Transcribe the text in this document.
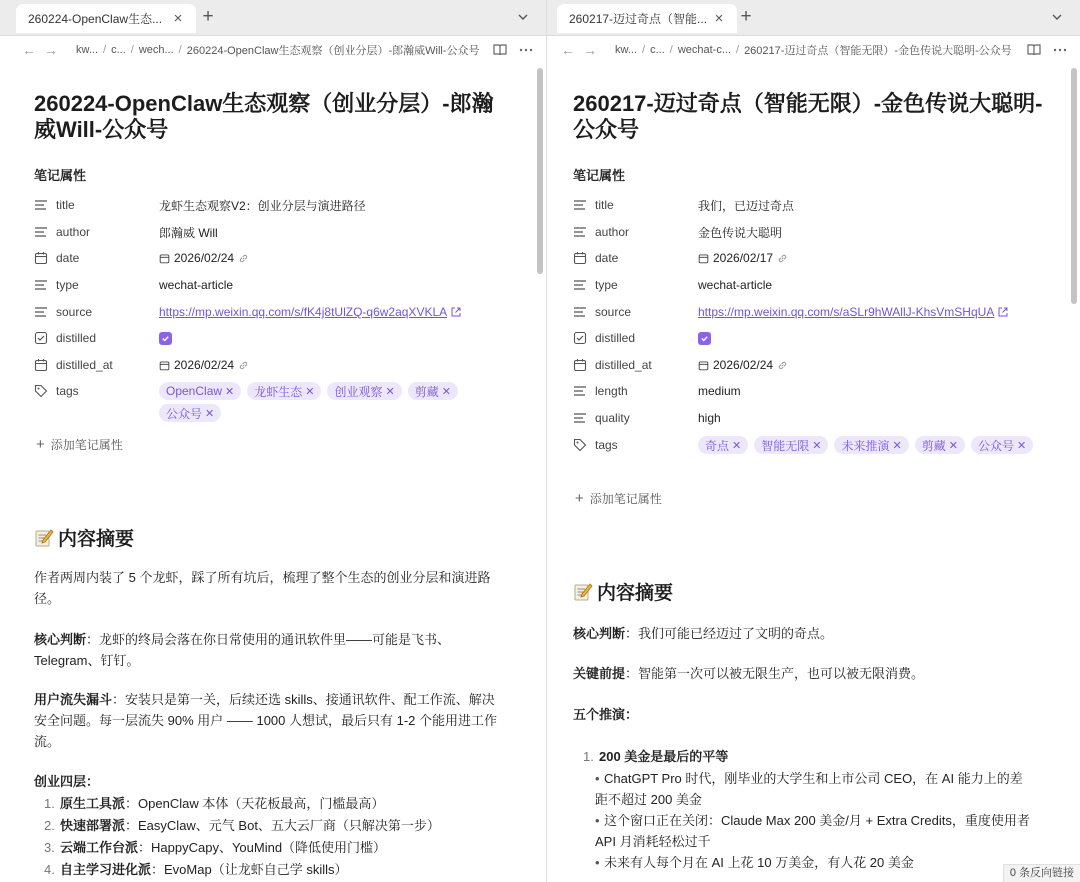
260224-OpenClaw生态... × +
← →	kw... / c... / wech... / 260224-OpenClaw生态观察（创业分层）-郎瀚威Will-公众号
260224-OpenClaw生态观察（创业分层）-郎瀚威Will-公众号
笔记属性
title	龙虾生态观察V2：创业分层与演进路径
author	郎瀚威 Will
date	2026/02/24
type	wechat-article
source	https://mp.weixin.qq.com/s/fK4j8tUlZQ-q6w2aqXVKLA
distilled
distilled_at	2026/02/24
tags	OpenClaw ✕ 龙虾生态 ✕ 创业观察 ✕ 剪藏 ✕
公众号 ✕
+ 添加笔记属性
内容摘要
作者两周内装了 5 个龙虾，踩了所有坑后，梳理了整个生态的创业分层和演进路径。
核心判断：龙虾的终局会落在你日常使用的通讯软件里——可能是飞书、Telegram、钉钉。
用户流失漏斗：安装只是第一关，后续还选 skills、接通讯软件、配工作流、解决安全问题。每一层流失 90% 用户 —— 1000 人想试，最后只有 1-2 个能用进工作流。
创业四层：
1. 原生工具派：OpenClaw 本体（天花板最高，门槛最高）
2. 快速部署派：EasyClaw、元气 Bot、五大云厂商（只解决第一步）
3. 云端工作台派：HappyCapy、YouMind（降低使用门槛）
4. 自主学习进化派：EvoMap（让龙虾自己学 skills）
260217-迈过奇点（智能... × +
← →	kw... / c... / wechat-c... / 260217-迈过奇点（智能无限）-金色传说大聪明-公众号
260217-迈过奇点（智能无限）-金色传说大聪明-公众号
笔记属性
title	我们，已迈过奇点
author	金色传说大聪明
date	2026/02/17
type	wechat-article
source	https://mp.weixin.qq.com/s/aSLr9hWAllJ-KhsVmSHqUA
distilled
distilled_at	2026/02/24
length	medium
quality	high
tags	奇点 ✕ 智能无限 ✕ 未来推演 ✕ 剪藏 ✕ 公众号 ✕
+ 添加笔记属性
内容摘要
核心判断：我们可能已经迈过了文明的奇点。
关键前提：智能第一次可以被无限生产，也可以被无限消费。
五个推演：
1. 200 美金是最后的平等
• ChatGPT Pro 时代，刚毕业的大学生和上市公司 CEO，在 AI 能力上的差距不超过 200 美金
• 这个窗口正在关闭：Claude Max 200 美金/月 + Extra Credits，重度使用者 API 月消耗轻松过千
• 未来有人每个月在 AI 上花 10 万美金，有人花 20 美金
0 条反向链接
